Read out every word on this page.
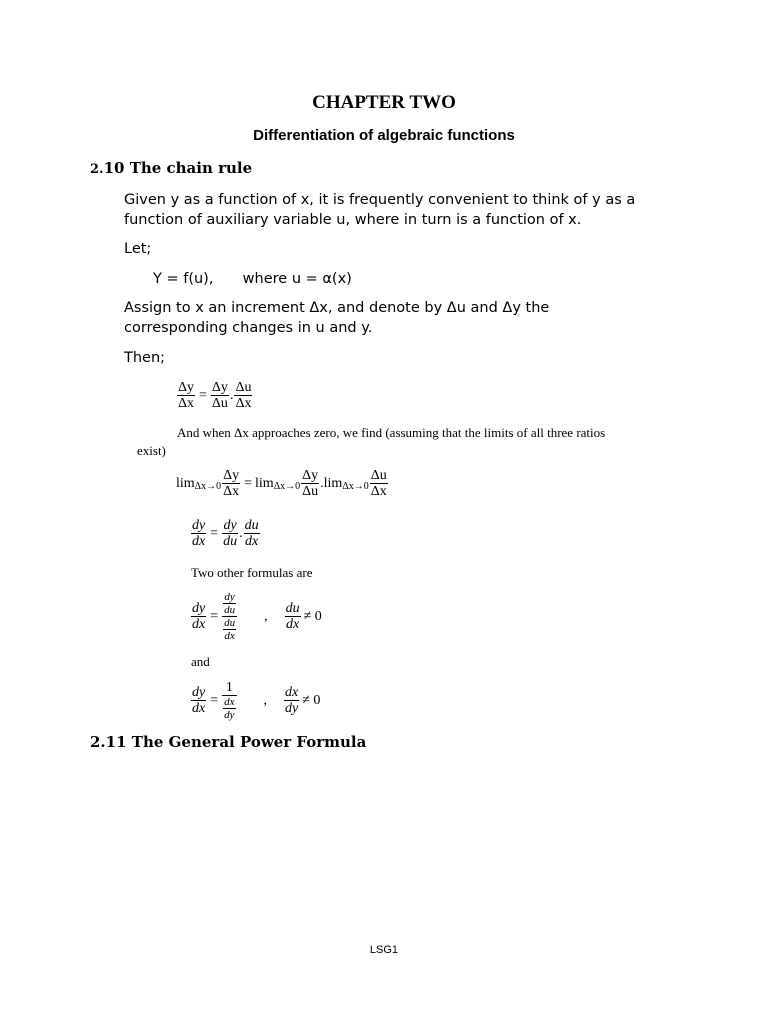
CHAPTER TWO
Differentiation of algebraic functions
2.10 The chain rule
Given y as a function of x, it is frequently convenient to think of y as a
function of auxiliary variable u, where in turn is a function of x.
Let;
Y = f(u), where u = α(x)
Assign to x an increment Δx, and denote by Δu and Δy the
corresponding changes in u and y.
Then;
$\frac{\Delta y}{\Delta x} = \frac{\Delta y}{\Delta u}$ . $\frac{\Delta u}{\Delta x}$
And when Δx approaches zero, we find (assuming that the limits of all three ratios
exist)
$\lim \Delta x\to 0 \frac{\Delta y}{\Delta x} = \lim \Delta x\to 0 \frac{\Delta y}{\Delta u}$ . $\lim \Delta x\to 0 \frac{\Delta u}{\Delta x}$
$\frac{dy}{dx} = \frac{dy}{du}$ . $\frac{du}{dx}$
Two other formulas are
$\frac{dy}{dx} = \frac{\frac{dy}{du}}{\frac{du}{dx}}$ , $\frac{du}{dx} \ne 0$
and
$\frac{dy}{dx} = \frac{1}{\frac{dx}{dy}}$ , $\frac{dx}{dy} \ne 0$
2.11 The General Power Formula
LSG1
